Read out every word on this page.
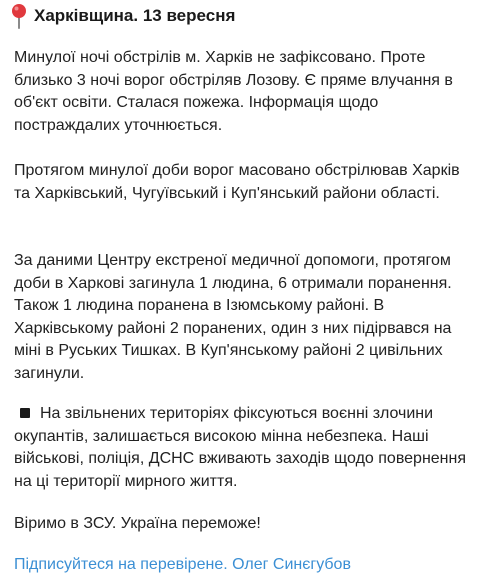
Харківщина. 13 вересня

Минулої ночі обстрілів м. Харків не зафіксовано. Проте близько 3 ночі ворог обстріляв Лозову. Є пряме влучання в об'єкт освіти. Сталася пожежа. Інформація щодо постраждалих уточнюється.

Протягом минулої доби ворог масовано обстрілював Харків та Харківський, Чугуївський і Куп'янський райони області.

За даними Центру екстреної медичної допомоги, протягом доби в Харкові загинула 1 людина, 6 отримали поранення. Також 1 людина поранена в Ізюмському районі. В Харківському районі 2 поранених, один з них підірвався на міні в Руських Тишках. В Куп'янському районі 2 цивільних загинули.

На звільнених територіях фіксуються воєнні злочини окупантів, залишається високою мінна небезпека. Наші військові, поліція, ДСНС вживають заходів щодо повернення на ці території мирного життя.

Вiримо в ЗСУ. Україна переможе!

Підписуйтеся на перевірене. Олег Синєгубов
